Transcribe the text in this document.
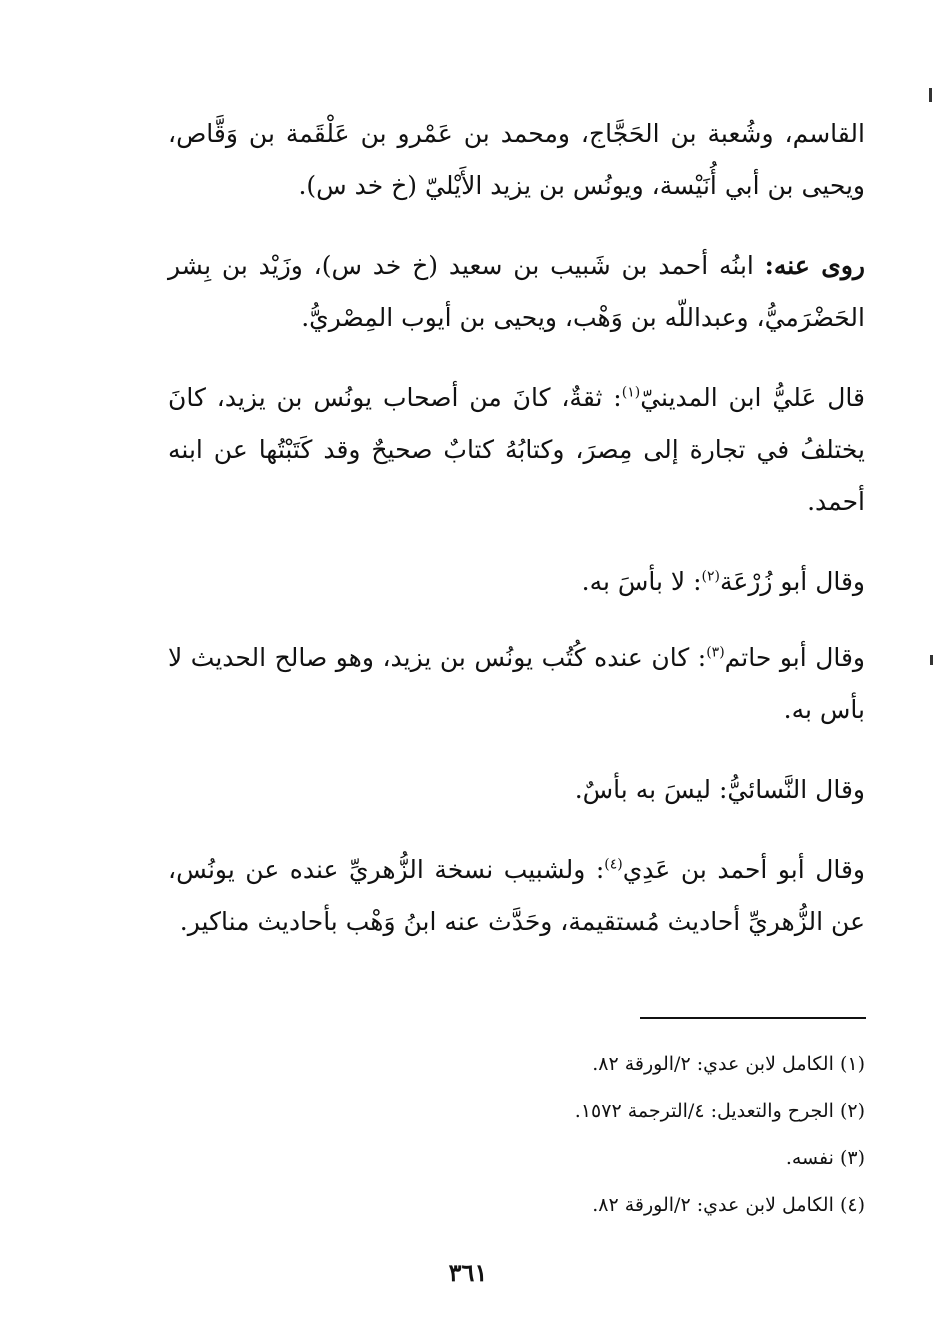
القاسم، وشُعبة بن الحَجَّاج، ومحمد بن عَمْرو بن عَلْقَمة بن وَقَّاص، ويحيى بن أبي أُنَيْسة، ويونُس بن يزيد الأَيْليّ (خ خد س).

روى عنه: ابنُه أحمد بن شَبيب بن سعيد (خ خد س)، وزَيْد بن بِشر الحَضْرَميُّ، وعبداللّه بن وَهْب، ويحيى بن أيوب المِصْريُّ.

قال عَليُّ ابن المدينيّ$^{(١)}$: ثقةٌ، كانَ من أصحاب يونُس بن يزيد، كانَ يختلفُ في تجارة إلى مِصرَ، وكتابُهُ كتابٌ صحيحٌ وقد كَتَبْتُها عن ابنه أحمد.

وقال أبو زُرْعَة$^{(٢)}$: لا بأسَ به.

وقال أبو حاتم$^{(٣)}$: كان عنده كُتُب يونُس بن يزيد، وهو صالح الحديث لا بأس به.

وقال النَّسائيُّ: ليسَ به بأسٌ.

وقال أبو أحمد بن عَدِي$^{(٤)}$: ولشبيب نسخة الزُّهريِّ عنده عن يونُس، عن الزُّهريِّ أحاديث مُستقيمة، وحَدَّث عنه ابنُ وَهْب بأحاديث مناكير.

(١) الكامل لابن عدي: ٢/الورقة ٨٢.

(٢) الجرح والتعديل: ٤/الترجمة ١٥٧٢.

(٣) نفسه.

(٤) الكامل لابن عدي: ٢/الورقة ٨٢.

٣٦١
